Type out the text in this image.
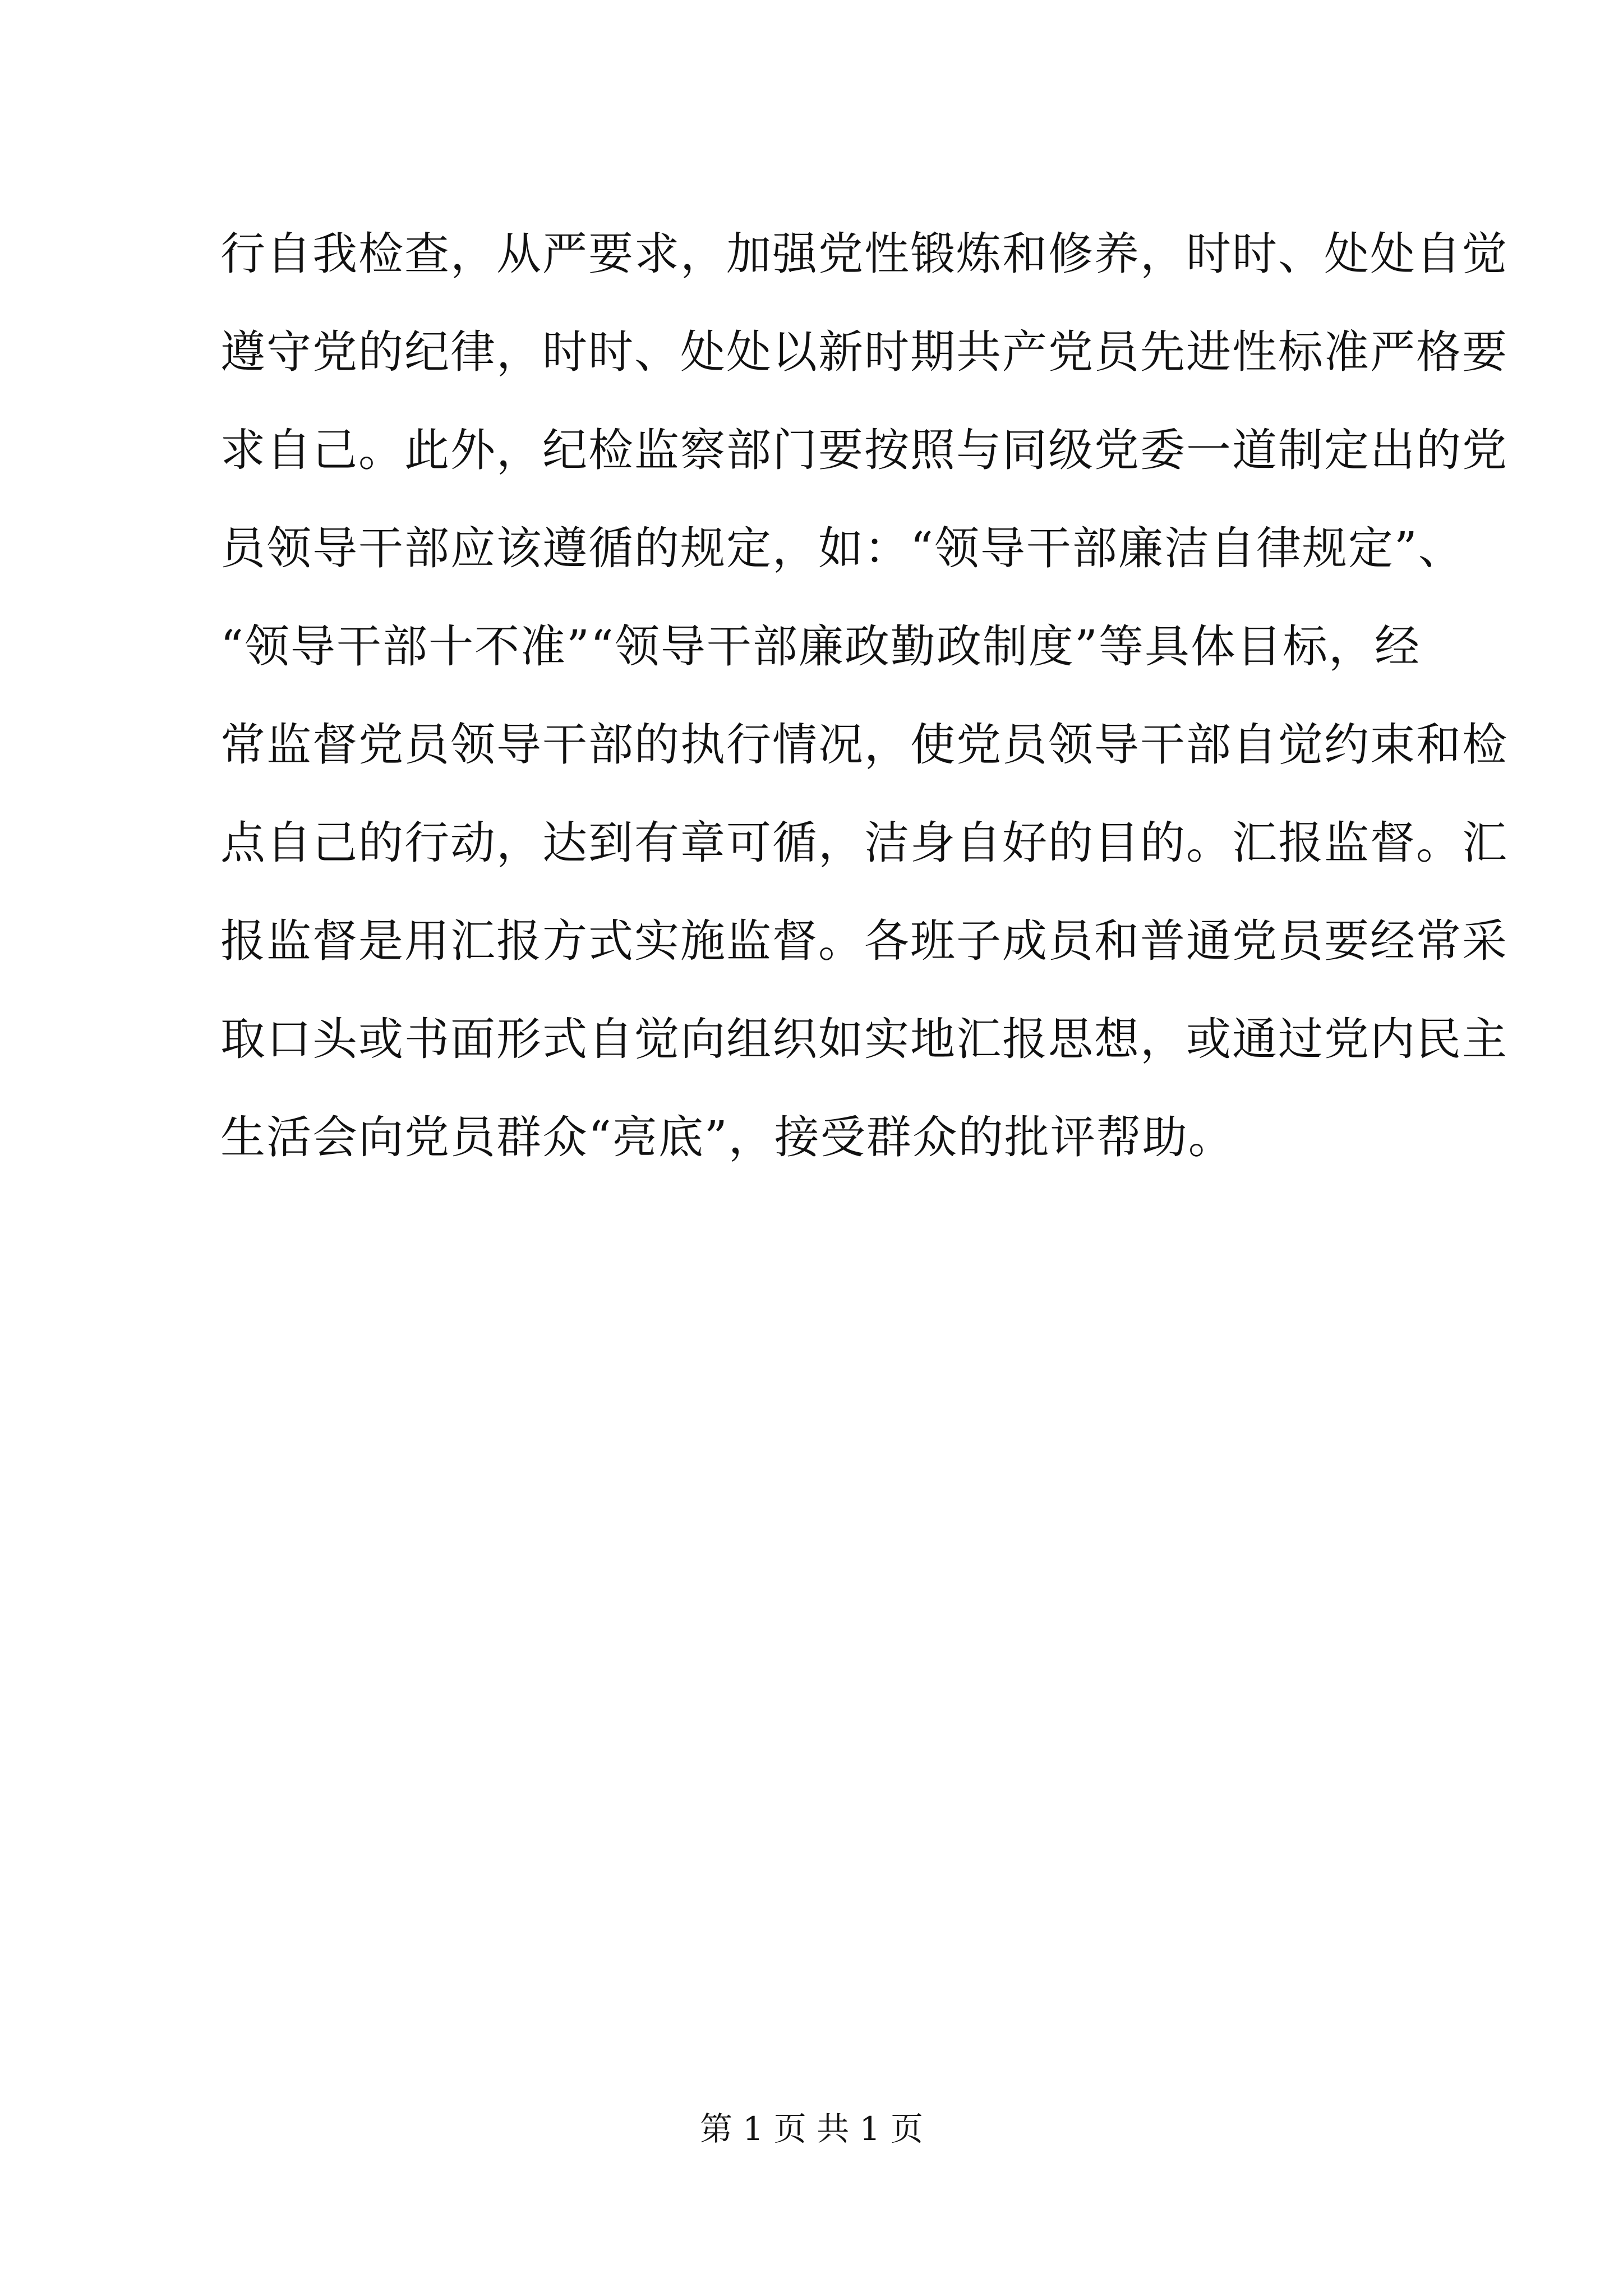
行自我检查，从严要求，加强党性锻炼和修养，时时、处处自觉
遵守党的纪律，时时、处处以新时期共产党员先进性标准严格要
求自己。此外，纪检监察部门要按照与同级党委一道制定出的党
员领导干部应该遵循的规定，如：“领导干部廉洁自律规定”、
“领导干部十不准”“领导干部廉政勤政制度”等具体目标，经
常监督党员领导干部的执行情况，使党员领导干部自觉约束和检
点自己的行动，达到有章可循，洁身自好的目的。汇报监督。汇
报监督是用汇报方式实施监督。各班子成员和普通党员要经常采
取口头或书面形式自觉向组织如实地汇报思想，或通过党内民主
生活会向党员群众“亮底”，接受群众的批评帮助。
第 1 页 共 1 页
